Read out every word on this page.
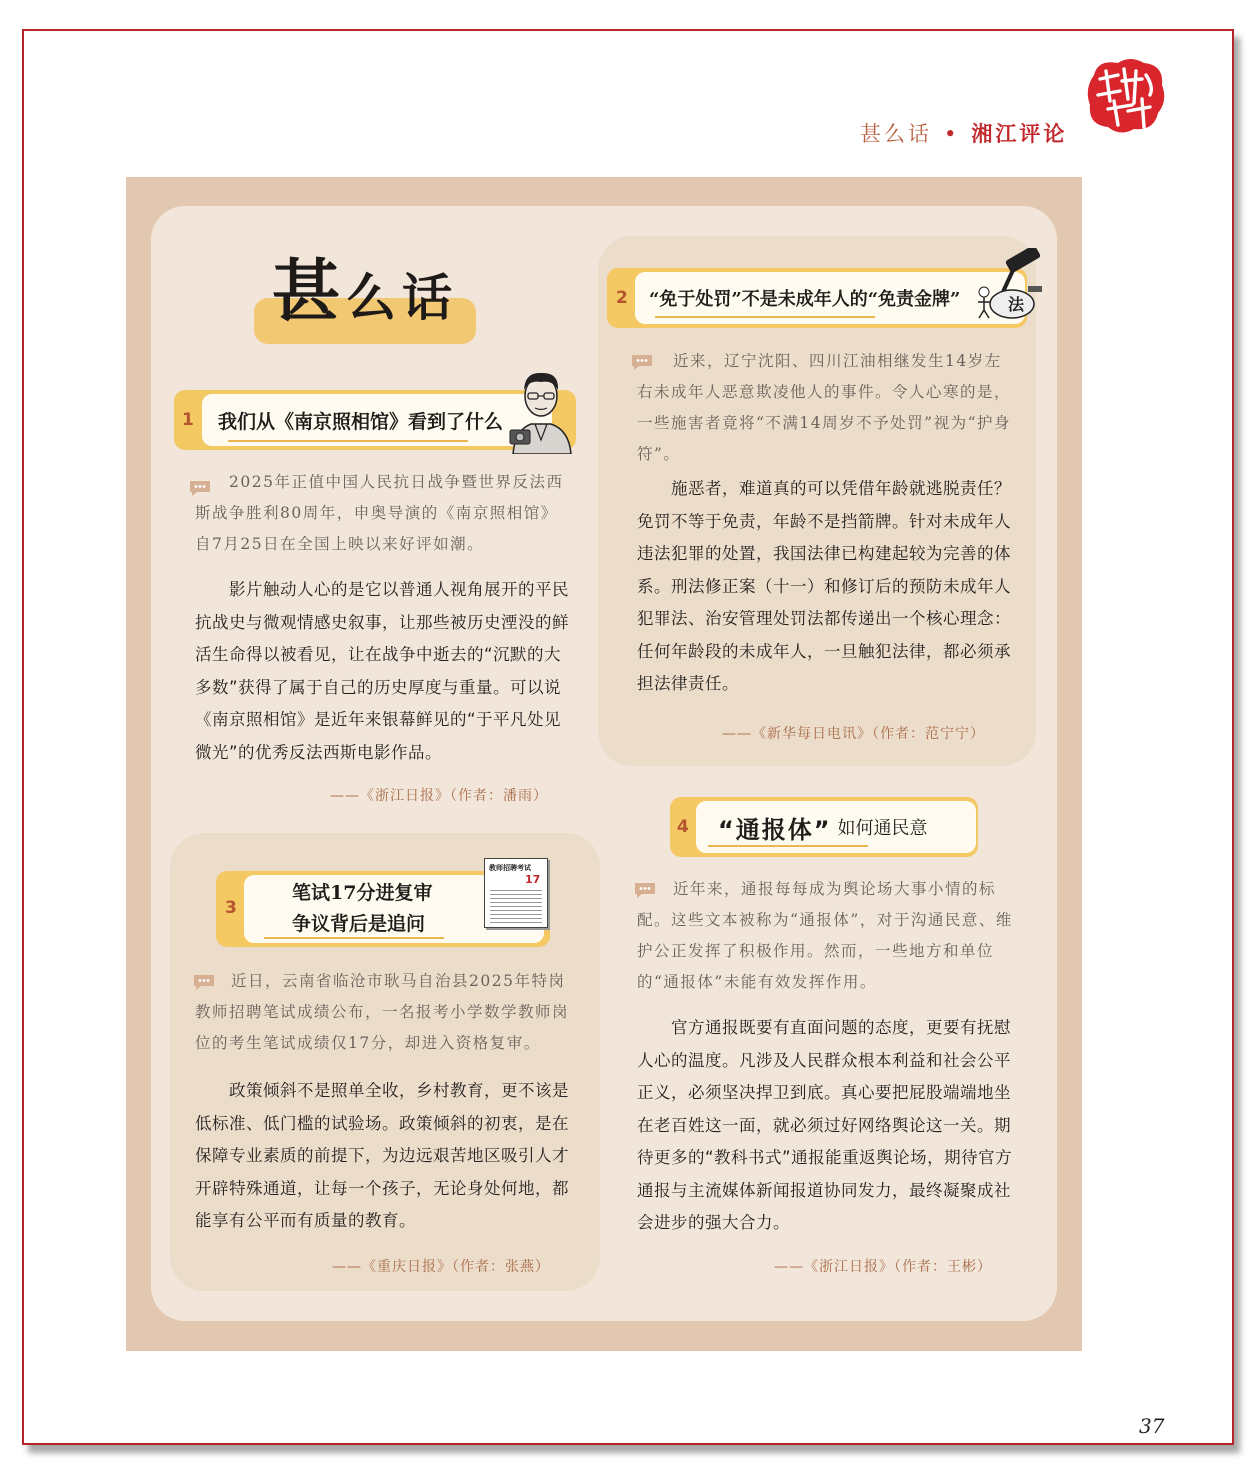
甚么话 • 湘江评论
甚么话
1 我们从《南京照相馆》看到了什么
2025年正值中国人民抗日战争暨世界反法西斯战争胜利80周年，申奥导演的《南京照相馆》自7月25日在全国上映以来好评如潮。
影片触动人心的是它以普通人视角展开的平民抗战史与微观情感史叙事，让那些被历史湮没的鲜活生命得以被看见，让在战争中逝去的“沉默的大多数”获得了属于自己的历史厚度与重量。可以说《南京照相馆》是近年来银幕鲜见的“于平凡处见微光”的优秀反法西斯电影作品。
——《浙江日报》（作者：潘雨）
2 “免于处罚”不是未成年人的“免责金牌”	法
近来，辽宁沈阳、四川江油相继发生14岁左右未成年人恶意欺凌他人的事件。令人心寒的是，一些施害者竟将“不满14周岁不予处罚”视为“护身符”。
施恶者，难道真的可以凭借年龄就逃脱责任？免罚不等于免责，年龄不是挡箭牌。针对未成年人违法犯罪的处置，我国法律已构建起较为完善的体系。刑法修正案（十一）和修订后的预防未成年人犯罪法、治安管理处罚法都传递出一个核心理念：任何年龄段的未成年人，一旦触犯法律，都必须承担法律责任。
——《新华每日电讯》（作者：范宁宁）
3
笔试17分进复审
争议背后是追问
教师招聘考试
17
近日，云南省临沧市耿马自治县2025年特岗教师招聘笔试成绩公布，一名报考小学数学教师岗位的考生笔试成绩仅17分，却进入资格复审。
政策倾斜不是照单全收，乡村教育，更不该是低标准、低门槛的试验场。政策倾斜的初衷，是在保障专业素质的前提下，为边远艰苦地区吸引人才开辟特殊通道，让每一个孩子，无论身处何地，都能享有公平而有质量的教育。
——《重庆日报》（作者：张燕）
4 “通报体” 如何通民意
近年来，通报每每成为舆论场大事小情的标配。这些文本被称为“通报体”，对于沟通民意、维护公正发挥了积极作用。然而，一些地方和单位的“通报体”未能有效发挥作用。
官方通报既要有直面问题的态度，更要有抚慰人心的温度。凡涉及人民群众根本利益和社会公平正义，必须坚决捍卫到底。真心要把屁股端端地坐在老百姓这一面，就必须过好网络舆论这一关。期待更多的“教科书式”通报能重返舆论场，期待官方通报与主流媒体新闻报道协同发力，最终凝聚成社会进步的强大合力。
——《浙江日报》（作者：王彬）
37
